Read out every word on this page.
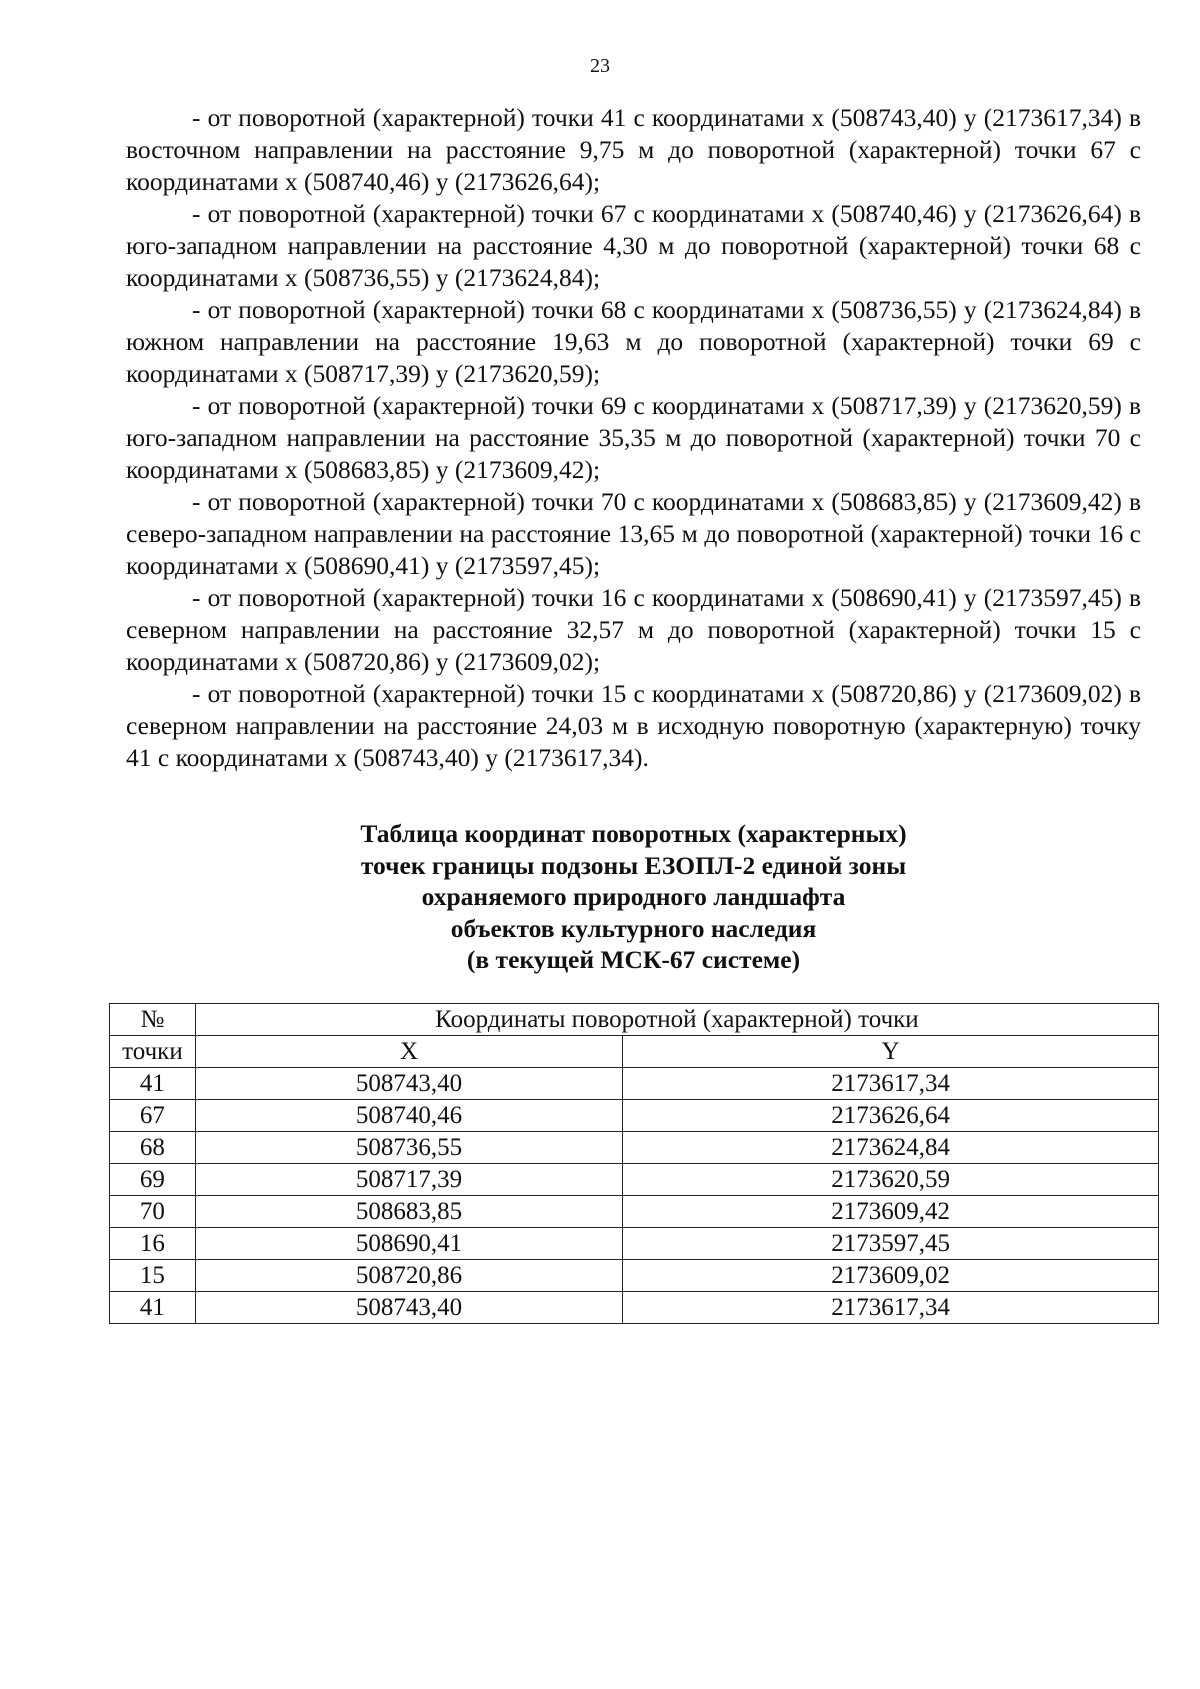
23

- от поворотной (характерной) точки 41 с координатами х (508743,40) у (2173617,34) в восточном направлении на расстояние 9,75 м до поворотной (характерной) точки 67 с координатами х (508740,46) у (2173626,64);

- от поворотной (характерной) точки 67 с координатами х (508740,46) у (2173626,64) в юго-западном направлении на расстояние 4,30 м до поворотной (характерной) точки 68 с координатами х (508736,55) у (2173624,84);

- от поворотной (характерной) точки 68 с координатами х (508736,55) у (2173624,84) в южном направлении на расстояние 19,63 м до поворотной (характерной) точки 69 с координатами х (508717,39) у (2173620,59);

- от поворотной (характерной) точки 69 с координатами х (508717,39) у (2173620,59) в юго-западном направлении на расстояние 35,35 м до поворотной (характерной) точки 70 с координатами х (508683,85) у (2173609,42);

- от поворотной (характерной) точки 70 с координатами х (508683,85) у (2173609,42) в северо-западном направлении на расстояние 13,65 м до поворотной (характерной) точки 16 с координатами х (508690,41) у (2173597,45);

- от поворотной (характерной) точки 16 с координатами х (508690,41) у (2173597,45) в северном направлении на расстояние 32,57 м до поворотной (характерной) точки 15 с координатами х (508720,86) у (2173609,02);

- от поворотной (характерной) точки 15 с координатами х (508720,86) у (2173609,02) в северном направлении на расстояние 24,03 м в исходную поворотную (характерную) точку 41 с координатами х (508743,40) у (2173617,34).

Таблица координат поворотных (характерных)
точек границы подзоны ЕЗОПЛ-2 единой зоны
охраняемого природного ландшафта
объектов культурного наследия
(в текущей МСК-67 системе)
№	Координаты поворотной (характерной) точки	
точки	X	Y
41	508743,40	2173617,34
67	508740,46	2173626,64
68	508736,55	2173624,84
69	508717,39	2173620,59
70	508683,85	2173609,42
16	508690,41	2173597,45
15	508720,86	2173609,02
41	508743,40	2173617,34
